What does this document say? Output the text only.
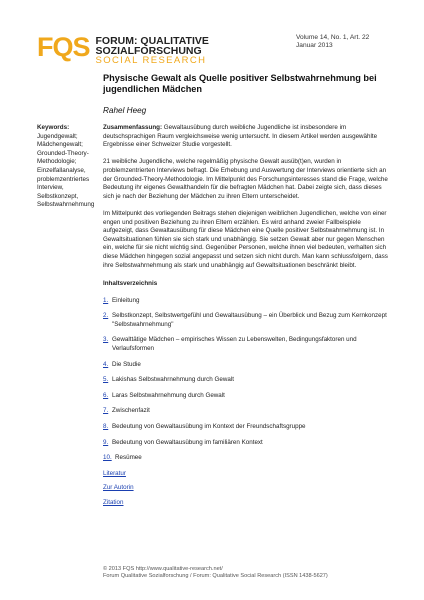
FQS FORUM: QUALITATIVE
SOZIALFORSCHUNG
SOCIAL RESEARCH
Volume 14, No. 1, Art. 22
Januar 2013
Physische Gewalt als Quelle positiver Selbstwahrnehmung bei jugendlichen Mädchen
Rahel Heeg
Keywords:
Jugendgewalt; Mädchengewalt; Grounded-Theory-Methodologie; Einzelfallanalyse, problemzentriertes Interview, Selbstkonzept, Selbstwahrnehmung

Zusammenfassung: Gewaltausübung durch weibliche Jugendliche ist insbesondere im deutschsprachigen Raum vergleichsweise wenig untersucht. In diesem Artikel werden ausgewählte Ergebnisse einer Schweizer Studie vorgestellt.

21 weibliche Jugendliche, welche regelmäßig physische Gewalt ausüb(t)en, wurden in problemzentrierten Interviews befragt. Die Erhebung und Auswertung der Interviews orientierte sich an der Grounded-Theory-Methodologie. Im Mittelpunkt des Forschungsinteresses stand die Frage, welche Bedeutung ihr eigenes Gewalthandeln für die befragten Mädchen hat. Dabei zeigte sich, dass dieses sich je nach der Beziehung der Mädchen zu ihren Eltern unterscheidet.

Im Mittelpunkt des vorliegenden Beitrags stehen diejenigen weiblichen Jugendlichen, welche von einer engen und positiven Beziehung zu ihren Eltern erzählen. Es wird anhand zweier Fallbeispiele aufgezeigt, dass Gewaltausübung für diese Mädchen eine Quelle positiver Selbstwahrnehmung ist. In Gewaltsituationen fühlen sie sich stark und unabhängig. Sie setzen Gewalt aber nur gegen Menschen ein, welche für sie nicht wichtig sind. Gegenüber Personen, welche ihnen viel bedeuten, verhalten sich diese Mädchen hingegen sozial angepasst und setzen sich nicht durch. Man kann schlussfolgern, dass ihre Selbstwahrnehmung als stark und unabhängig auf Gewaltsituationen beschränkt bleibt.

Inhaltsverzeichnis
1. Einleitung
2. Selbstkonzept, Selbstwertgefühl und Gewaltausübung – ein Überblick und Bezug zum Kernkonzept "Selbstwahrnehmung"
3. Gewalttätige Mädchen – empirisches Wissen zu Lebenswelten, Bedingungsfaktoren und Verlaufsformen
4. Die Studie
5. Lakishas Selbstwahrnehmung durch Gewalt
6. Laras Selbstwahrnehmung durch Gewalt
7. Zwischenfazit
8. Bedeutung von Gewaltausübung im Kontext der Freundschaftsgruppe
9. Bedeutung von Gewaltausübung im familiären Kontext
10. Resümee
Literatur
Zur Autorin
Zitation
© 2013 FQS http://www.qualitative-research.net/
Forum Qualitative Sozialforschung / Forum: Qualitative Social Research (ISSN 1438-5627)
